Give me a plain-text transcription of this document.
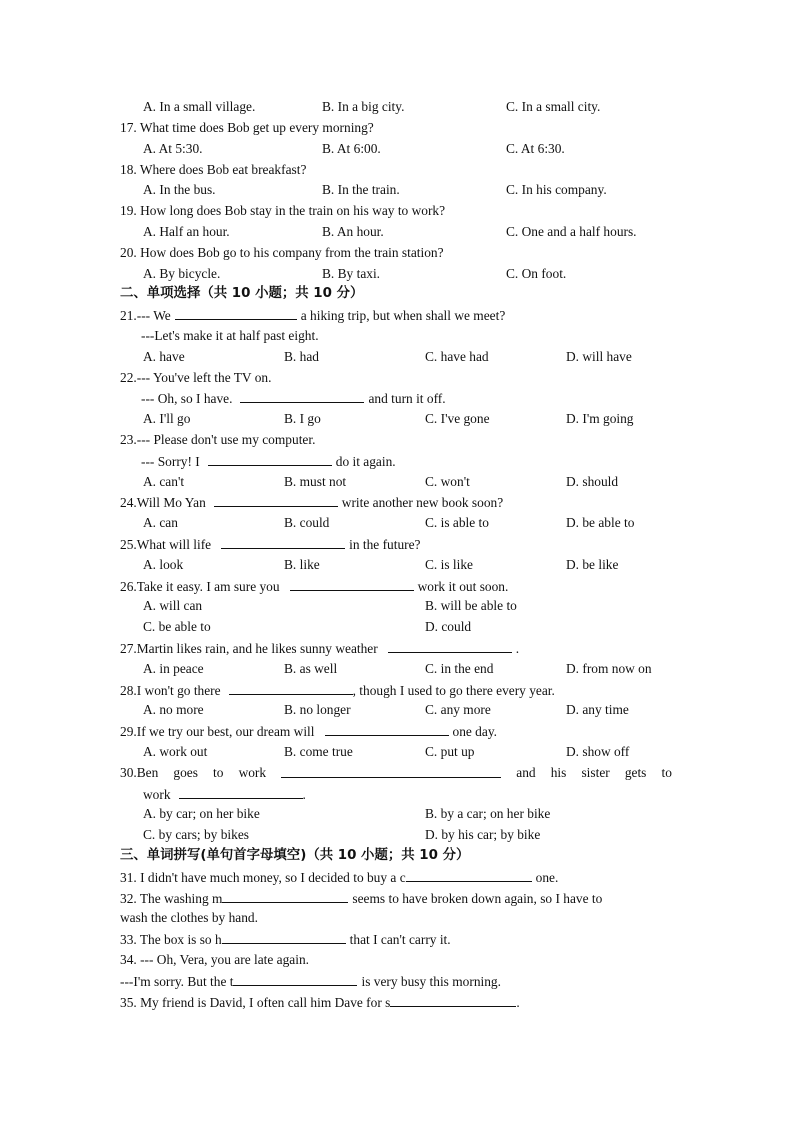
A. In a small village.	B. In a big city.	C. In a small city.
17. What time does Bob get up every morning?
A. At 5:30.	B. At 6:00.	C. At 6:30.
18. Where does Bob eat breakfast?
A. In the bus.	B. In the train.	C. In his company.
19. How long does Bob stay in the train on his way to work?
A. Half an hour.	B. An hour.	C. One and a half hours.
20. How does Bob go to his company from the train station?
A. By bicycle.	B. By taxi.	C. On foot.
二、单项选择（共 10 小题；共 10 分）
21.--- We	a hiking trip, but when shall we meet?
---Let's make it at half past eight.
A. have	B. had	C. have had	D. will have
22.--- You've left the TV on.
--- Oh, so I have.	and turn it off.
A. I'll go	B. I go	C. I've gone	D. I'm going
23.--- Please don't use my computer.
--- Sorry! I	do it again.
A. can't	B. must not	C. won't	D. should
24.Will Mo Yan	write another new book soon?
A. can	B. could	C. is able to	D. be able to
25.What will life	in the future?
A. look	B. like	C. is like	D. be like
26.Take it easy. I am sure you	work it out soon.
A. will can	B. will be able to
C. be able to	D. could
27.Martin likes rain, and he likes sunny weather	.
A. in peace	B. as well	C. in the end	D. from now on
28.I won't go there	, though I used to go there every year.
A. no more	B. no longer	C. any more	D. any time
29.If we try our best, our dream will	one day.
A. work out	B. come true	C. put up	D. show off
30.Ben goes to work	and his sister gets to
work	.
A. by car; on her bike	B. by a car; on her bike
C. by cars; by bikes	D. by his car; by bike
三、单词拼写(单句首字母填空)（共 10 小题；共 10 分）
31. I didn't have much money, so I decided to buy a c	one.
32. The washing m	seems to have broken down again, so I have to
wash the clothes by hand.
33. The box is so h	that I can't carry it.
34. --- Oh, Vera, you are late again.
---I'm sorry. But the t	is very busy this morning.
35. My friend is David, I often call him Dave for s	.
